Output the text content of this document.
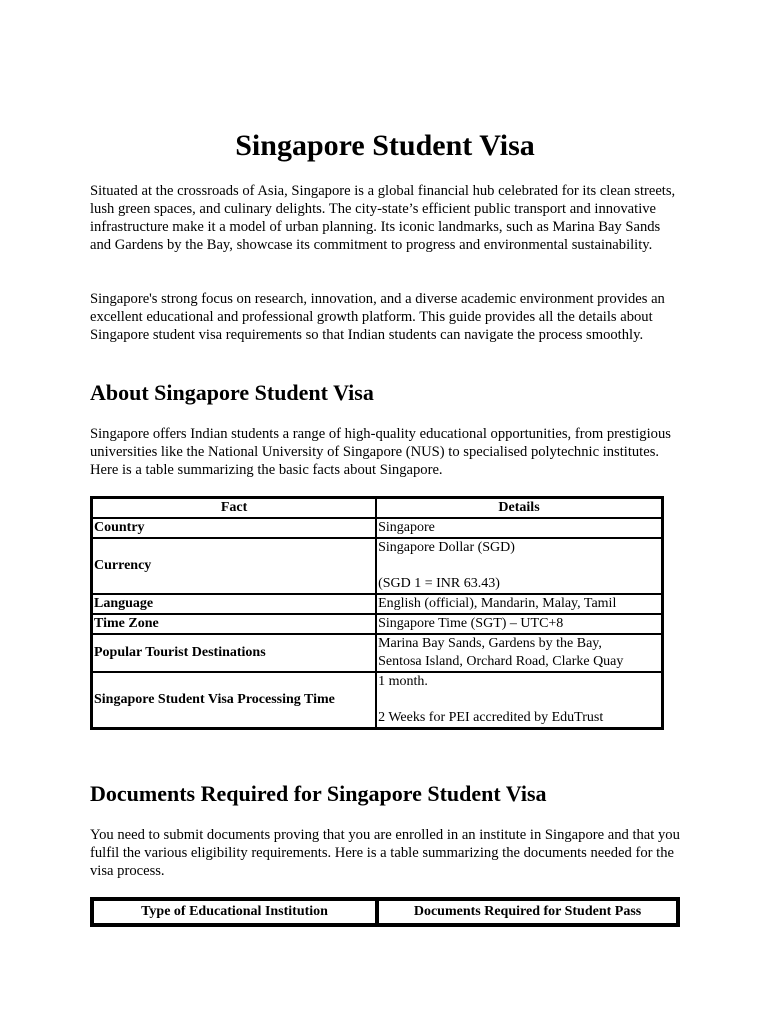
Singapore Student Visa

Situated at the crossroads of Asia, Singapore is a global financial hub celebrated for its clean streets, lush green spaces, and culinary delights. The city-state’s efficient public transport and innovative infrastructure make it a model of urban planning. Its iconic landmarks, such as Marina Bay Sands and Gardens by the Bay, showcase its commitment to progress and environmental sustainability.

Singapore's strong focus on research, innovation, and a diverse academic environment provides an excellent educational and professional growth platform. This guide provides all the details about Singapore student visa requirements so that Indian students can navigate the process smoothly.

About Singapore Student Visa

Singapore offers Indian students a range of high-quality educational opportunities, from prestigious universities like the National University of Singapore (NUS) to specialised polytechnic institutes. Here is a table summarizing the basic facts about Singapore.

Fact	Details
Country	Singapore
Currency	Singapore Dollar (SGD)
(SGD 1 = INR 63.43)

Language	English (official), Mandarin, Malay, Tamil
Time Zone	Singapore Time (SGT) – UTC+8
Popular Tourist Destinations	Marina Bay Sands, Gardens by the Bay,
Sentosa Island, Orchard Road, Clarke Quay

Singapore Student Visa Processing Time	1 month.
2 Weeks for PEI accredited by EduTrust
Documents Required for Singapore Student Visa

You need to submit documents proving that you are enrolled in an institute in Singapore and that you fulfil the various eligibility requirements. Here is a table summarizing the documents needed for the visa process.

Type of Educational Institution	Documents Required for Student Pass
